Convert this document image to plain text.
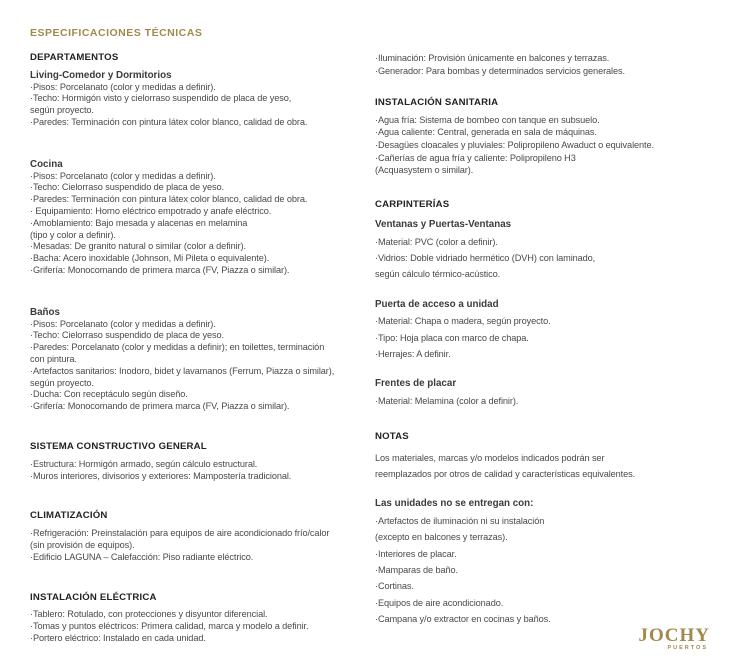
ESPECIFICACIONES TÉCNICAS
DEPARTAMENTOS
Living-Comedor y Dormitorios

·Pisos: Porcelanato (color y medidas a definir).

·Techo: Hormigón visto y cielorraso suspendido de placa de yeso,

según proyecto.

·Paredes: Terminación con pintura látex color blanco, calidad de obra.

Cocina

·Pisos: Porcelanato (color y medidas a definir).

·Techo: Cielorraso suspendido de placa de yeso.

·Paredes: Terminación con pintura látex color blanco, calidad de obra.

· Equipamiento: Horno eléctrico empotrado y anafe eléctrico.

·Amoblamiento: Bajo mesada y alacenas en melamina

(tipo y color a definir).

·Mesadas: De granito natural o similar (color a definir).

·Bacha: Acero inoxidable (Johnson, Mi Pileta o equivalente).

·Grifería: Monocomando de primera marca (FV, Piazza o similar).

Baños

·Pisos: Porcelanato (color y medidas a definir).

·Techo: Cielorraso suspendido de placa de yeso.

·Paredes: Porcelanato (color y medidas a definir); en toilettes, terminación

con pintura.

·Artefactos sanitarios: Inodoro, bidet y lavamanos (Ferrum, Piazza o similar),

según proyecto.

·Ducha: Con receptáculo según diseño.

·Grifería: Monocomando de primera marca (FV, Piazza o similar).

SISTEMA CONSTRUCTIVO GENERAL

·Estructura: Hormigón armado, según cálculo estructural.

·Muros interiores, divisorios y exteriores: Mampostería tradicional.

CLIMATIZACIÓN

·Refrigeración: Preinstalación para equipos de aire acondicionado frío/calor

(sin provisión de equipos).

·Edificio LAGUNA – Calefacción: Piso radiante eléctrico.

INSTALACIÓN ELÉCTRICA

·Tablero: Rotulado, con protecciones y disyuntor diferencial.

·Tomas y puntos eléctricos: Primera calidad, marca y modelo a definir.

·Portero eléctrico: Instalado en cada unidad.

·Iluminación: Provisión únicamente en balcones y terrazas.

·Generador: Para bombas y determinados servicios generales.

INSTALACIÓN SANITARIA

·Agua fría: Sistema de bombeo con tanque en subsuelo.

·Agua caliente: Central, generada en sala de máquinas.

·Desagües cloacales y pluviales: Polipropileno Awaduct o equivalente.

·Cañerías de agua fría y caliente: Polipropileno H3

(Acquasystem o similar).

CARPINTERÍAS
Ventanas y Puertas-Ventanas

·Material: PVC (color a definir).

·Vidrios: Doble vidriado hermético (DVH) con laminado,

según cálculo térmico-acústico.

Puerta de acceso a unidad

·Material: Chapa o madera, según proyecto.

·Tipo: Hoja placa con marco de chapa.

·Herrajes: A definir.

Frentes de placar

·Material: Melamina (color a definir).

NOTAS

Los materiales, marcas y/o modelos indicados podrán ser

reemplazados por otros de calidad y características equivalentes.

Las unidades no se entregan con:

·Artefactos de iluminación ni su instalación

(excepto en balcones y terrazas).

·Interiores de placar.

·Mamparas de baño.

·Cortinas.

·Equipos de aire acondicionado.

·Campana y/o extractor en cocinas y baños.

JOCHY
PUERTOS
